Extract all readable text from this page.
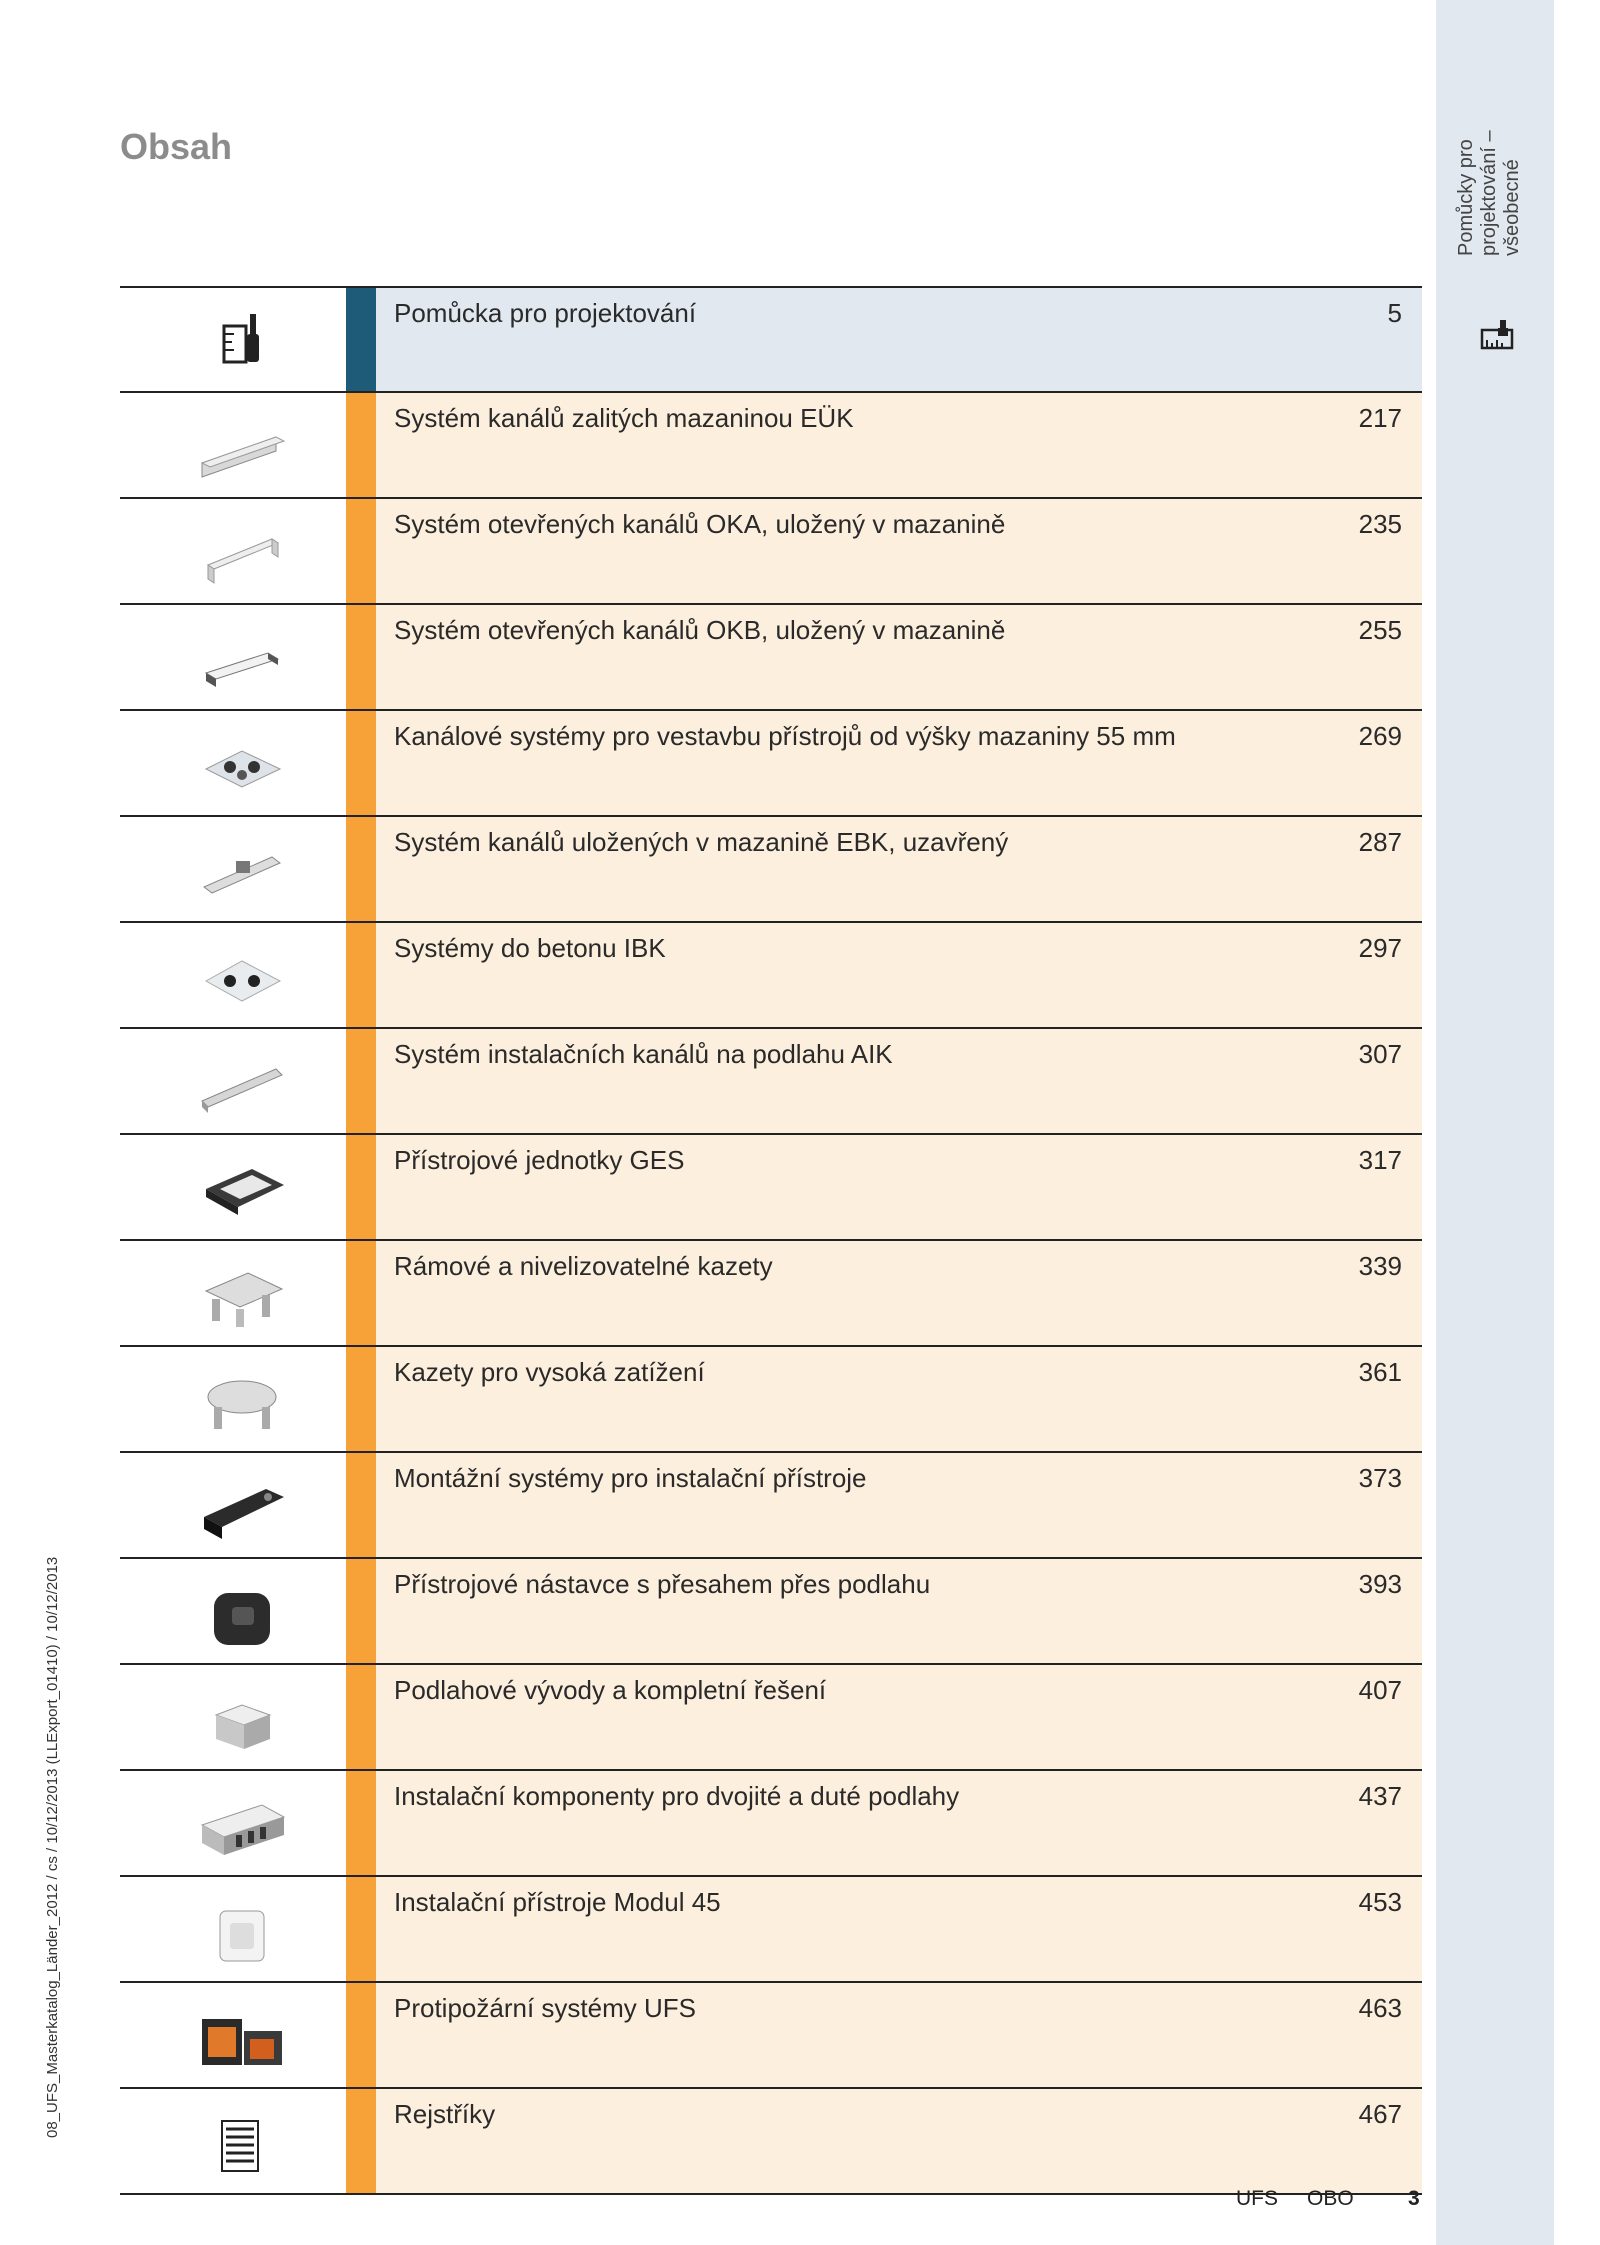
Pomůcky pro projektování – všeobecné
Obsah
08_UFS_Masterkatalog_Länder_2012 / cs / 10/12/2013 (LLExport_01410) / 10/12/2013
Pomůcka pro projektování	5
Systém kanálů zalitých mazaninou EÜK	217
Systém otevřených kanálů OKA, uložený v mazanině	235
Systém otevřených kanálů OKB, uložený v mazanině	255
Kanálové systémy pro vestavbu přístrojů od výšky mazaniny 55 mm	269
Systém kanálů uložených v mazanině EBK, uzavřený	287
Systémy do betonu IBK	297
Systém instalačních kanálů na podlahu AIK	307
Přístrojové jednotky GES	317
Rámové a nivelizovatelné kazety	339
Kazety pro vysoká zatížení	361
Montážní systémy pro instalační přístroje	373
Přístrojové nástavce s přesahem přes podlahu	393
Podlahové vývody a kompletní řešení	407
Instalační komponenty pro dvojité a duté podlahy	437
Instalační přístroje Modul 45	453
Protipožární systémy UFS	463
Rejstříky	467
UFS OBO	3
